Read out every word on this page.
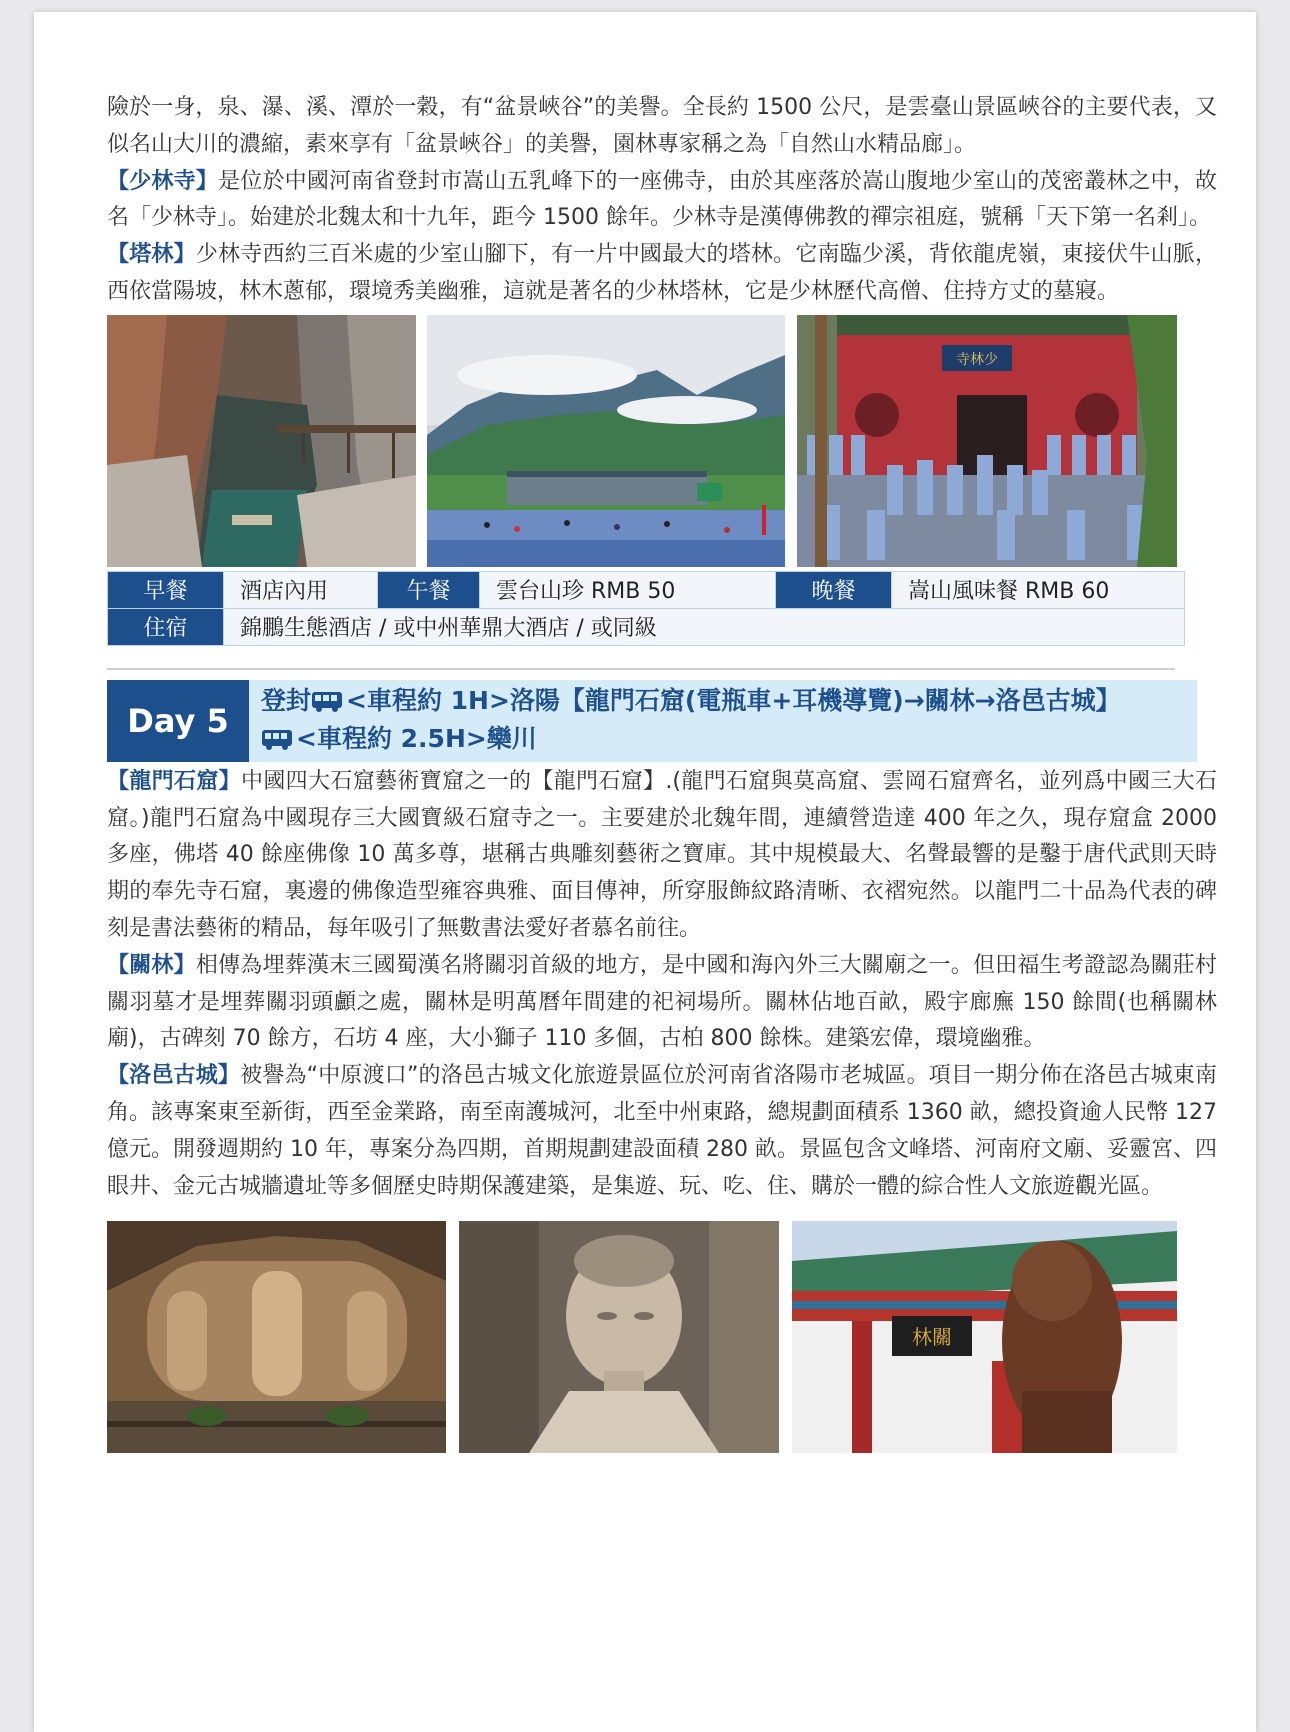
險於一身，泉、瀑、溪、潭於一穀，有“盆景峽谷”的美譽。全長約 1500 公尺，是雲臺山景區峽谷的主要代表，又似名山大川的濃縮，素來享有「盆景峽谷」的美譽，園林專家稱之為「自然山水精品廊」。

【少林寺】是位於中國河南省登封市嵩山五乳峰下的一座佛寺，由於其座落於嵩山腹地少室山的茂密叢林之中，故名「少林寺」。始建於北魏太和十九年，距今 1500 餘年。少林寺是漢傳佛教的禪宗祖庭，號稱「天下第一名剎」。

【塔林】少林寺西約三百米處的少室山腳下，有一片中國最大的塔林。它南臨少溪，背依龍虎嶺，東接伏牛山脈，西依當陽坡，林木蔥郁，環境秀美幽雅，這就是著名的少林塔林，它是少林歷代高僧、住持方丈的墓寢。

寺林少
早餐	酒店內用	午餐	雲台山珍 RMB 50	晚餐	嵩山風味餐 RMB 60
住宿	錦鵬生態酒店 / 或中州華鼎大酒店 / 或同級				
Day 5
登封 <車程約 1H>洛陽【龍門石窟(電瓶車+耳機導覽)→關林→洛邑古城】
<車程約 2.5H>欒川

【龍門石窟】中國四大石窟藝術寶窟之一的【龍門石窟】.(龍門石窟與莫高窟、雲岡石窟齊名，並列爲中國三大石窟。)龍門石窟為中國現存三大國寶級石窟寺之一。主要建於北魏年間，連續營造達 400 年之久，現存窟盒 2000 多座，佛塔 40 餘座佛像 10 萬多尊，堪稱古典雕刻藝術之寶庫。其中規模最大、名聲最響的是鑿于唐代武則天時期的奉先寺石窟，裏邊的佛像造型雍容典雅、面目傳神，所穿服飾紋路清晰、衣褶宛然。以龍門二十品為代表的碑刻是書法藝術的精品，每年吸引了無數書法愛好者慕名前往。

【關林】相傳為埋葬漢末三國蜀漢名將關羽首級的地方，是中國和海內外三大關廟之一。但田福生考證認為關莊村關羽墓才是埋葬關羽頭顱之處，關林是明萬曆年間建的祀祠場所。關林佔地百畝，殿宇廊廡 150 餘間(也稱關林廟)，古碑刻 70 餘方，石坊 4 座，大小獅子 110 多個，古柏 800 餘株。建築宏偉，環境幽雅。

【洛邑古城】被譽為“中原渡口”的洛邑古城文化旅遊景區位於河南省洛陽市老城區。項目一期分佈在洛邑古城東南角。該專案東至新街，西至金業路，南至南護城河，北至中州東路，總規劃面積系 1360 畝，總投資逾人民幣 127 億元。開發週期約 10 年，專案分為四期，首期規劃建設面積 280 畝。景區包含文峰塔、河南府文廟、妥靈宮、四眼井、金元古城牆遺址等多個歷史時期保護建築，是集遊、玩、吃、住、購於一體的綜合性人文旅遊觀光區。

林關
